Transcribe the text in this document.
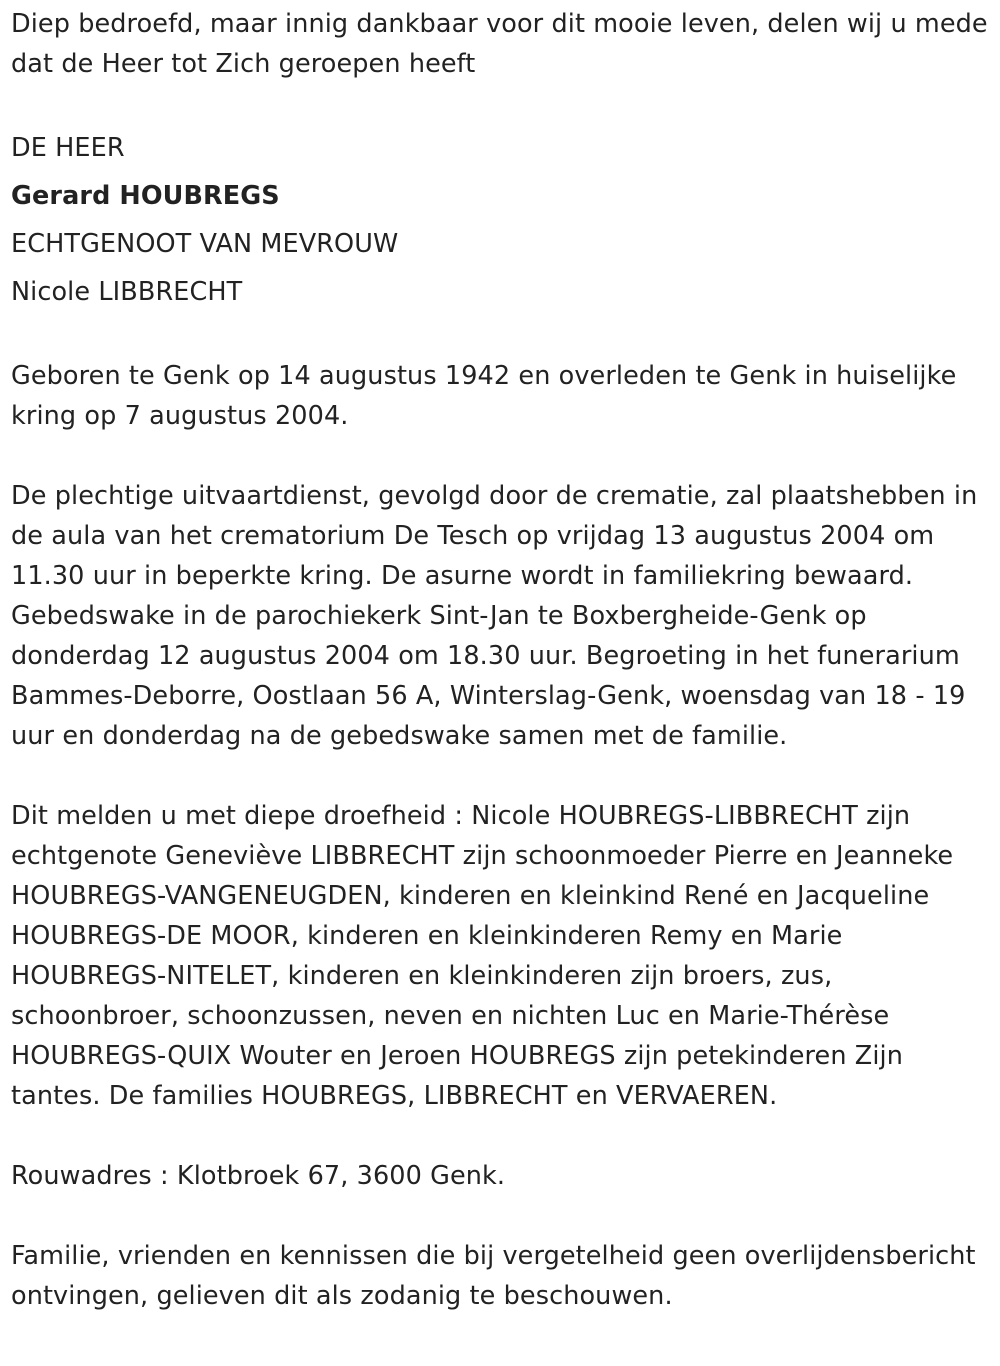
Diep bedroefd, maar innig dankbaar voor dit mooie leven, delen wij u mede dat de Heer tot Zich geroepen heeft

DE HEER

Gerard HOUBREGS

ECHTGENOOT VAN MEVROUW

Nicole LIBBRECHT

Geboren te Genk op 14 augustus 1942 en overleden te Genk in huiselijke kring op 7 augustus 2004.

De plechtige uitvaartdienst, gevolgd door de crematie, zal plaatshebben in de aula van het crematorium De Tesch op vrijdag 13 augustus 2004 om 11.30 uur in beperkte kring. De asurne wordt in familiekring bewaard. Gebedswake in de parochiekerk Sint-Jan te Boxbergheide-Genk op donderdag 12 augustus 2004 om 18.30 uur. Begroeting in het funerarium Bammes-Deborre, Oostlaan 56 A, Winterslag-Genk, woensdag van 18 - 19 uur en donderdag na de gebedswake samen met de familie.

Dit melden u met diepe droefheid : Nicole HOUBREGS-LIBBRECHT zijn echtgenote Geneviève LIBBRECHT zijn schoonmoeder Pierre en Jeanneke HOUBREGS-VANGENEUGDEN, kinderen en kleinkind René en Jacqueline HOUBREGS-DE MOOR, kinderen en kleinkinderen Remy en Marie HOUBREGS-NITELET, kinderen en kleinkinderen zijn broers, zus, schoonbroer, schoonzussen, neven en nichten Luc en Marie-Thérèse HOUBREGS-QUIX Wouter en Jeroen HOUBREGS zijn petekinderen Zijn tantes. De families HOUBREGS, LIBBRECHT en VERVAEREN.

Rouwadres : Klotbroek 67, 3600 Genk.

Familie, vrienden en kennissen die bij vergetelheid geen overlijdensbericht ontvingen, gelieven dit als zodanig te beschouwen.
